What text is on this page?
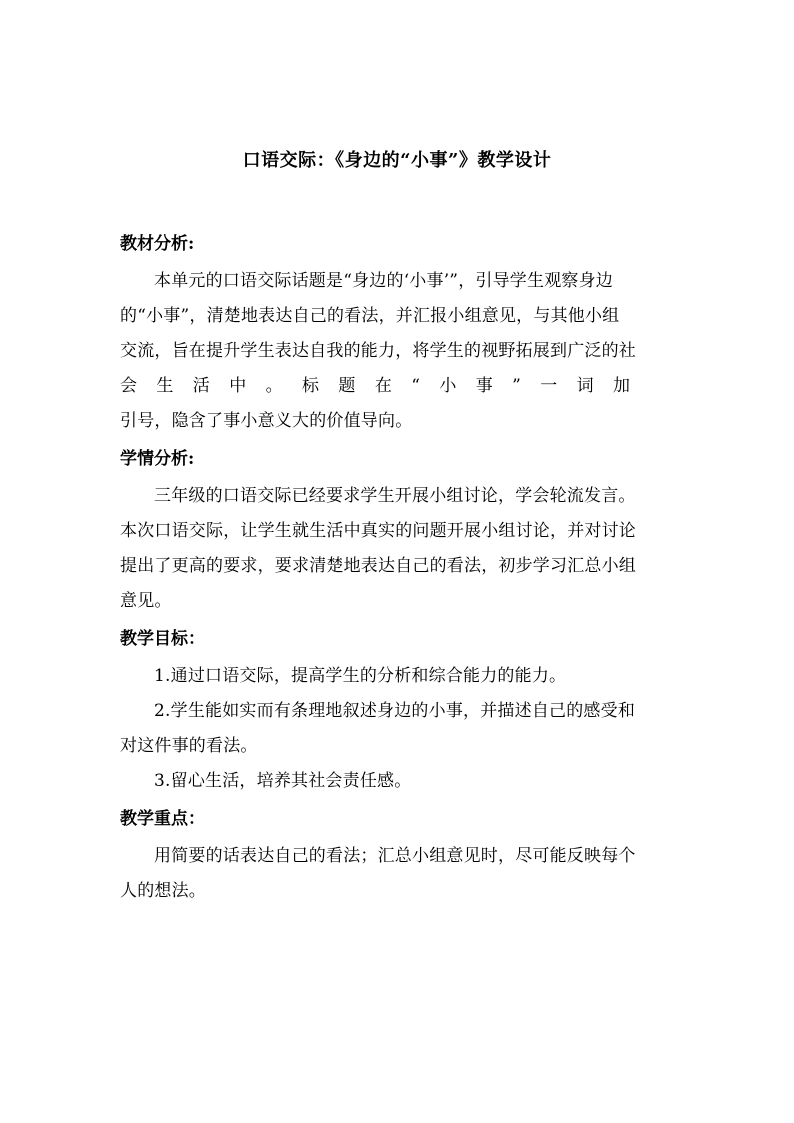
口语交际：《身边的“小事”》教学设计
教材分析:
本单元的口语交际话题是“身边的‘小事’”，引导学生观察身边
的“小事”，清楚地表达自己的看法，并汇报小组意见，与其他小组
交流，旨在提升学生表达自我的能力，将学生的视野拓展到广泛的社
会 生 活 中 。 标 题 在 “ 小 事 ” 一 词 加
引号，隐含了事小意义大的价值导向。
学情分析:
三年级的口语交际已经要求学生开展小组讨论，学会轮流发言。
本次口语交际，让学生就生活中真实的问题开展小组讨论，并对讨论
提出了更高的要求，要求清楚地表达自己的看法，初步学习汇总小组
意见。
教学目标：
1.通过口语交际，提高学生的分析和综合能力的能力。
2.学生能如实而有条理地叙述身边的小事，并描述自己的感受和
对这件事的看法。
3.留心生活，培养其社会责任感。
教学重点：
用简要的话表达自己的看法；汇总小组意见时，尽可能反映每个
人的想法。
